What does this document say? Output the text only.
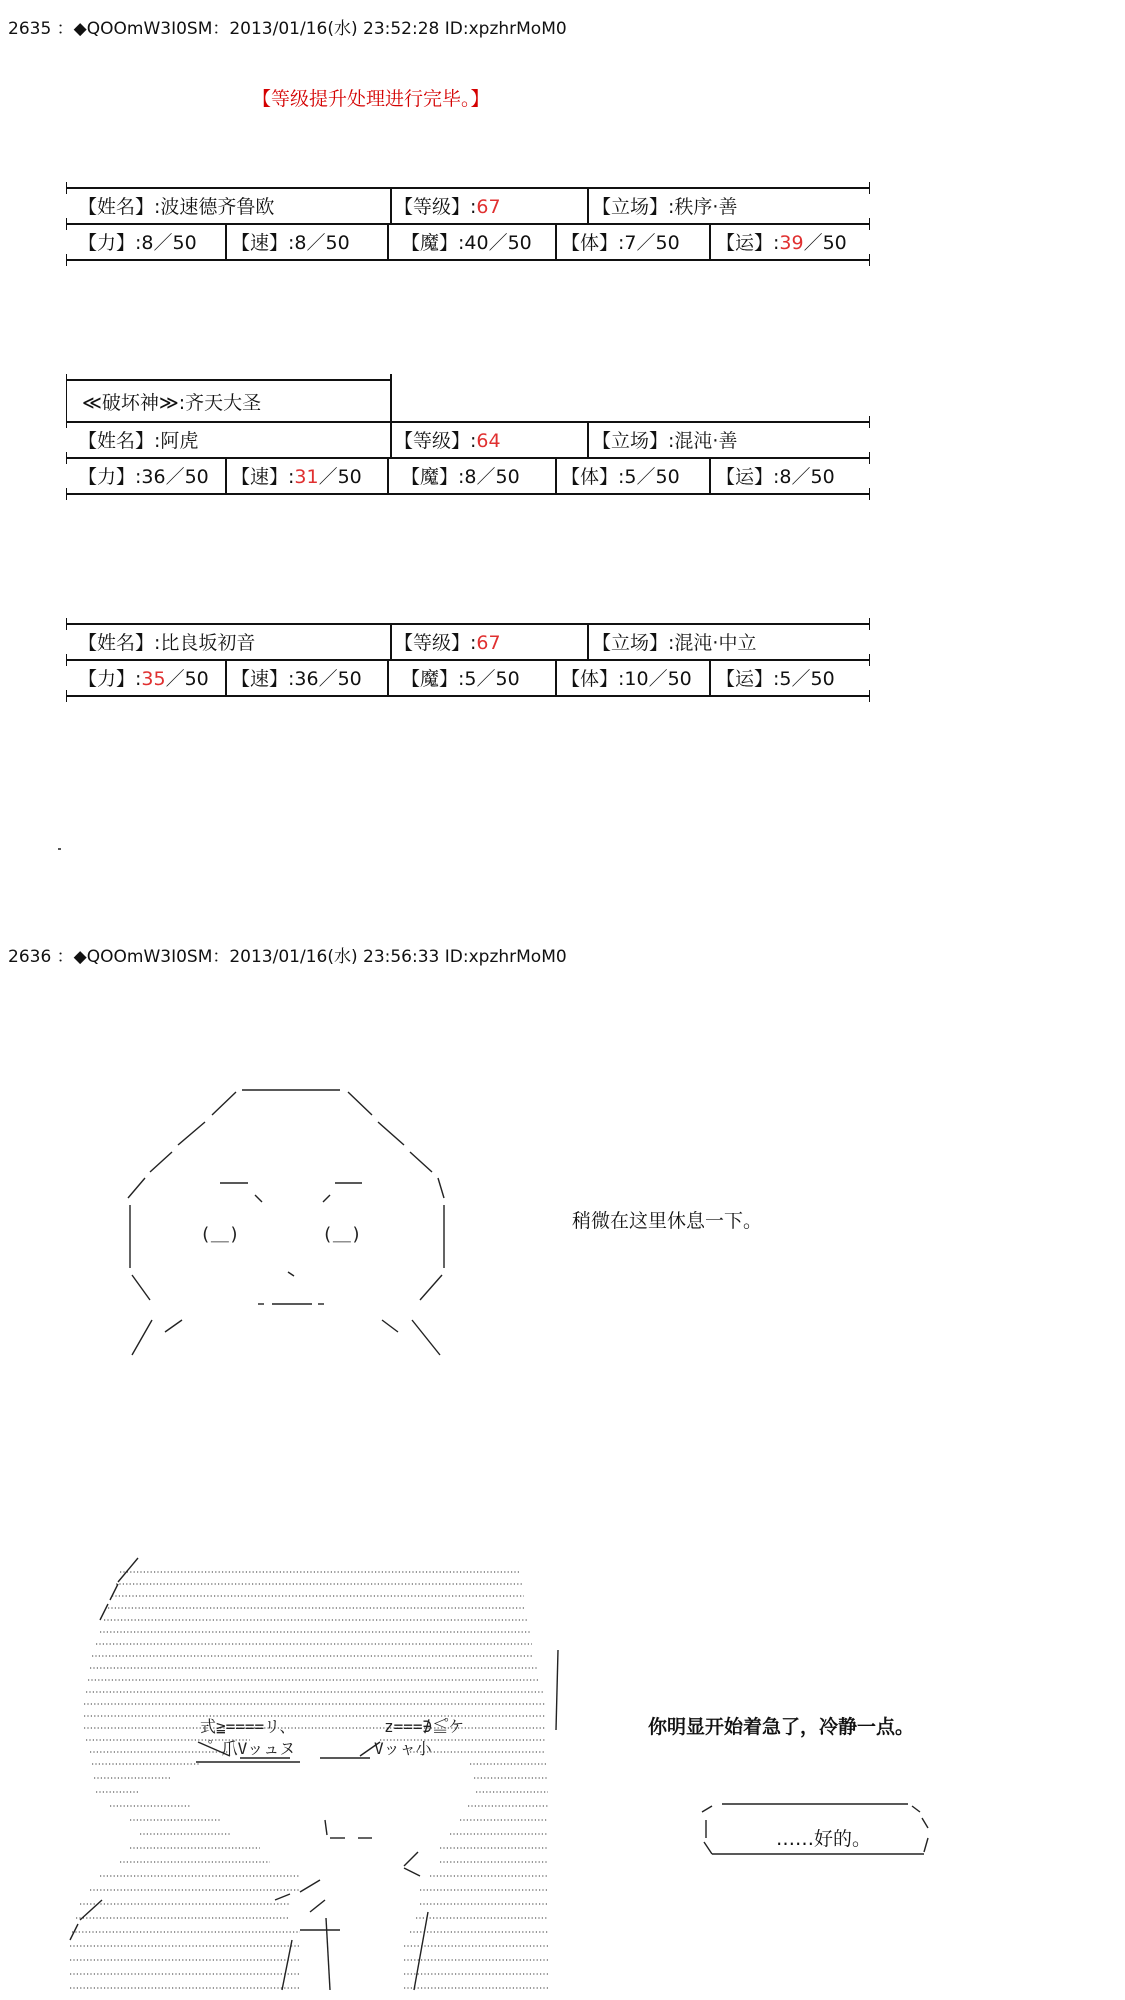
2635 ：◆QOOmW3I0SM：2013/01/16(水) 23:52:28 ID:xpzhrMoM0
【等级提升处理进行完毕。】
【姓名】:波速德齐鲁欧	【等级】:67	【立场】:秩序·善
【力】:8／50 【速】:8／50	【魔】:40／50 【体】:7／50 【运】:39／50
≪破坏神≫:齐天大圣
【姓名】:阿虎	【等级】:64	【立场】:混沌·善
【力】:36／50 【速】:31／50 【魔】:8／50 【体】:5／50 【运】:8／50
【姓名】:比良坂初音	【等级】:67	【立场】:混沌·中立
【力】:35／50 【速】:36／50 【魔】:5／50 【体】:10／50 【运】:5／50
2636 ：◆QOOmW3I0SM：2013/01/16(水) 23:56:33 ID:xpzhrMoM0
(＿)	(＿)
稍微在这里休息一下。
式≧====リ、	z===∌≦゚ケ
゚ 爪Vッュヌ	Vッャ小
你明显开始着急了，冷静一点。
……好的。
